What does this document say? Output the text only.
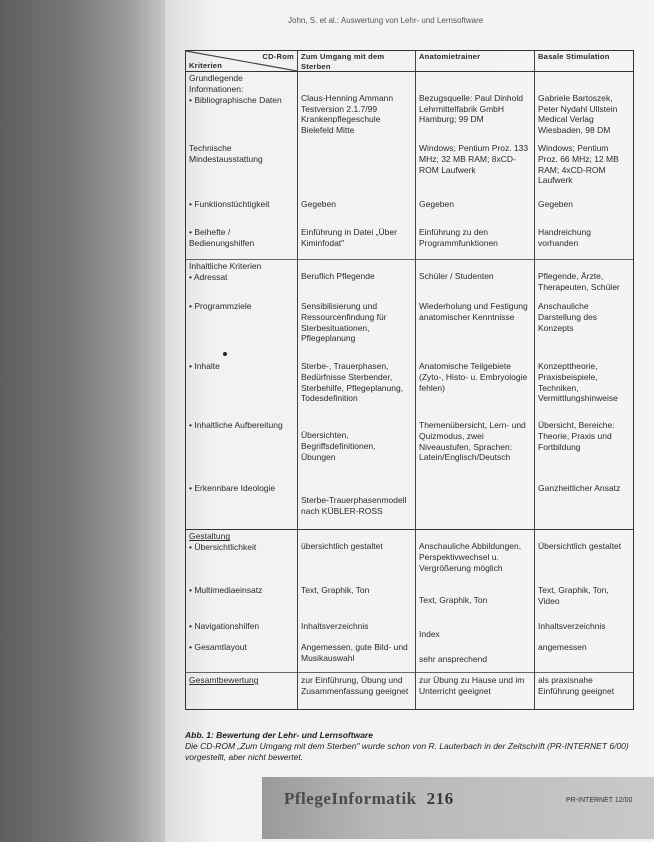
John, S. et al.: Auswertung von Lehr- und Lernsoftware
CD-Rom
Kriterien	Zum Umgang mit dem Sterben	Anatomietrainer	Basale Stimulation

Grundlegende Informationen:
• Bibliographische Daten	Claus-Henning Ammann Testversion 2.1.7/99 Krankenpflegeschule Bielefeld Mitte	Bezugsquelle: Paul Dinhold Lehrmittelfabrik GmbH Hamburg; 99 DM	Gabriele Bartoszek, Peter Nydahl Ullstein Medical Verlag Wiesbaden, 98 DM
Technische Mindestausstattung		Windows; Pentium Proz. 133 MHz; 32 MB RAM; 8xCD-ROM Laufwerk	Windows; Pentium Proz. 66 MHz; 12 MB RAM; 4xCD-ROM Laufwerk
• Funktionstüchtigkeit	Gegeben	Gegeben	Gegeben
• Beihefte / Bedienungshilfen	Einführung in Datei „Über Kiminfodat"	Einführung zu den Programmfunktionen	Handreichung vorhanden

Inhaltliche Kriterien
• Adressat	Beruflich Pflegende	Schüler / Studenten	Pflegende, Ärzte, Therapeuten, Schüler
• Programmziele	Sensibilisierung und Ressourcenfindung für Sterbesituationen, Pflegeplanung	Wiederholung und Festigung anatomischer Kenntnisse	Anschauliche Darstellung des Konzepts
• Inhalte	Sterbe-, Trauerphasen, Bedürfnisse Sterbender, Sterbehilfe, Pflegeplanung, Todesdefinition	Anatomische Teilgebiete (Zyto-, Histo- u. Embryologie fehlen)	Konzepttheorie, Praxisbeispiele, Techniken, Vermittlungshinweise
• Inhaltliche Aufbereitung	Übersichten, Begriffsdefinitionen, Übungen	Themenübersicht, Lern- und Quizmodus, zwei Niveaustufen, Sprachen: Latein/Englisch/Deutsch	Übersicht, Bereiche: Theorie, Praxis und Fortbildung
• Erkennbare Ideologie	Sterbe-Trauerphasenmodell nach KÜBLER-ROSS		Ganzheitlicher Ansatz

Gestaltung
• Übersichtlichkeit	übersichtlich gestaltet	Anschauliche Abbildungen, Perspektivwechsel u. Vergrößerung möglich	Übersichtlich gestaltet
• Multimediaeinsatz	Text, Graphik, Ton	Text, Graphik, Ton	Text, Graphik, Ton, Video
• Navigationshilfen	Inhaltsverzeichnis	Index	Inhaltsverzeichnis
• Gesamtlayout	Angemessen, gute Bild- und Musikauswahl	sehr ansprechend	angemessen

Gesamtbewertung	zur Einführung, Übung und Zusammenfassung geeignet	zur Übung zu Hause und im Unterricht geeignet	als praxisnahe Einführung geeignet
Abb. 1: Bewertung der Lehr- und Lernsoftware
Die CD-ROM „Zum Umgang mit dem Sterben" wurde schon von R. Lauterbach in der Zeitschrift (PR-INTERNET 6/00) vorgestellt, aber nicht bewertet.
PflegeInformatik 216	PR-INTERNET 12/00
